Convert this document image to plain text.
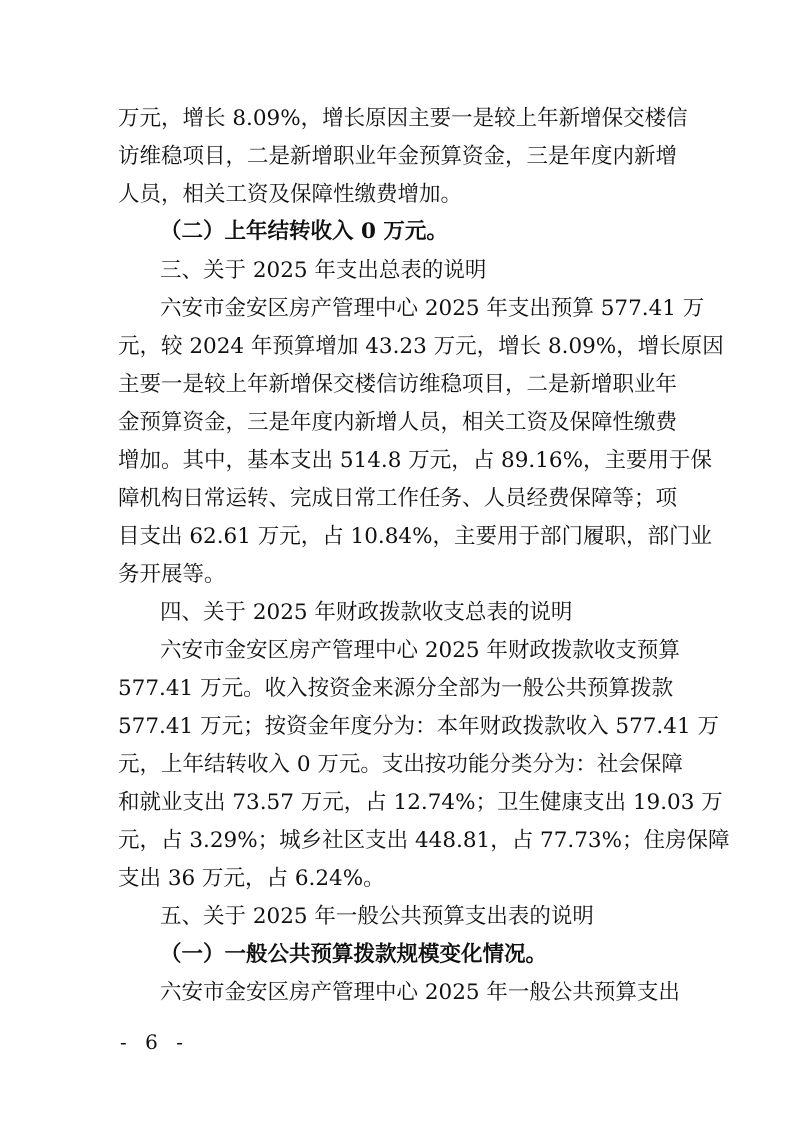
万元，增长 8.09%，增长原因主要一是较上年新增保交楼信
访维稳项目，二是新增职业年金预算资金，三是年度内新增
人员，相关工资及保障性缴费增加。
（二）上年结转收入 0 万元。
三、关于 2025 年支出总表的说明
六安市金安区房产管理中心 2025 年支出预算 577.41 万
元，较 2024 年预算增加 43.23 万元，增长 8.09%，增长原因
主要一是较上年新增保交楼信访维稳项目，二是新增职业年
金预算资金，三是年度内新增人员，相关工资及保障性缴费
增加。其中，基本支出 514.8 万元，占 89.16%，主要用于保
障机构日常运转、完成日常工作任务、人员经费保障等；项
目支出 62.61 万元，占 10.84%，主要用于部门履职，部门业
务开展等。
四、关于 2025 年财政拨款收支总表的说明
六安市金安区房产管理中心 2025 年财政拨款收支预算
577.41 万元。收入按资金来源分全部为一般公共预算拨款
577.41 万元；按资金年度分为：本年财政拨款收入 577.41 万
元，上年结转收入 0 万元。支出按功能分类分为：社会保障
和就业支出 73.57 万元，占 12.74%；卫生健康支出 19.03 万
元，占 3.29%；城乡社区支出 448.81，占 77.73%；住房保障
支出 36 万元，占 6.24%。
五、关于 2025 年一般公共预算支出表的说明
（一）一般公共预算拨款规模变化情况。
六安市金安区房产管理中心 2025 年一般公共预算支出
- 6 -
